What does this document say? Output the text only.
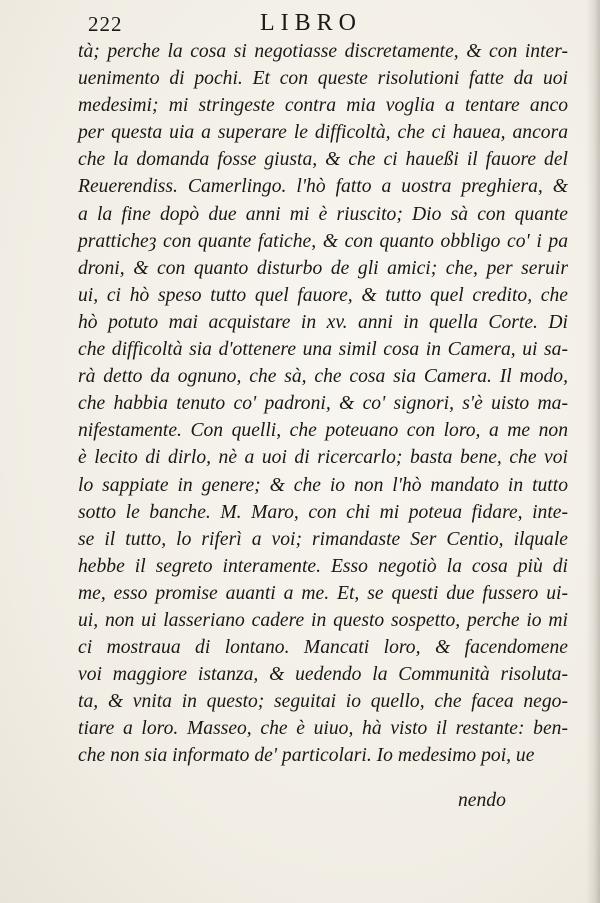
222	LIBRO
tà; perche la cosa si negotiasse discretamente, & con inter-
uenimento di pochi. Et con queste risolutioni fatte da uoi
medesimi; mi stringeste contra mia voglia a tentare anco
per questa uia a superare le difficoltà, che ci hauea, ancora
che la domanda fosse giusta, & che ci haueßi il fauore del
Reuerendiss. Camerlingo. l'hò fatto a uostra preghiera, &
a la fine dopò due anni mi è riuscito; Dio sà con quante
pratticheȝ con quante fatiche, & con quanto obbligo co' i pa
droni, & con quanto disturbo de gli amici; che, per seruir
ui, ci hò speso tutto quel fauore, & tutto quel credito, che
hò potuto mai acquistare in xv. anni in quella Corte. Di
che difficoltà sia d'ottenere una simil cosa in Camera, ui sa-
rà detto da ognuno, che sà, che cosa sia Camera. Il modo,
che habbia tenuto co' padroni, & co' signori, s'è uisto ma-
nifestamente. Con quelli, che poteuano con loro, a me non
è lecito di dirlo, nè a uoi di ricercarlo; basta bene, che voi
lo sappiate in genere; & che io non l'hò mandato in tutto
sotto le banche. M. Maro, con chi mi poteua fidare, inte-
se il tutto, lo riferì a voi; rimandaste Ser Centio, ilquale
hebbe il segreto interamente. Esso negotiò la cosa più di
me, esso promise auanti a me. Et, se questi due fussero ui-
ui, non ui lasseriano cadere in questo sospetto, perche io mi
ci mostraua di lontano. Mancati loro, & facendomene
voi maggiore istanza, & uedendo la Communità risoluta-
ta, & vnita in questo; seguitai io quello, che facea nego-
tiare a loro. Masseo, che è uiuo, hà visto il restante: ben-
che non sia informato de' particolari. Io medesimo poi, ue
nendo
